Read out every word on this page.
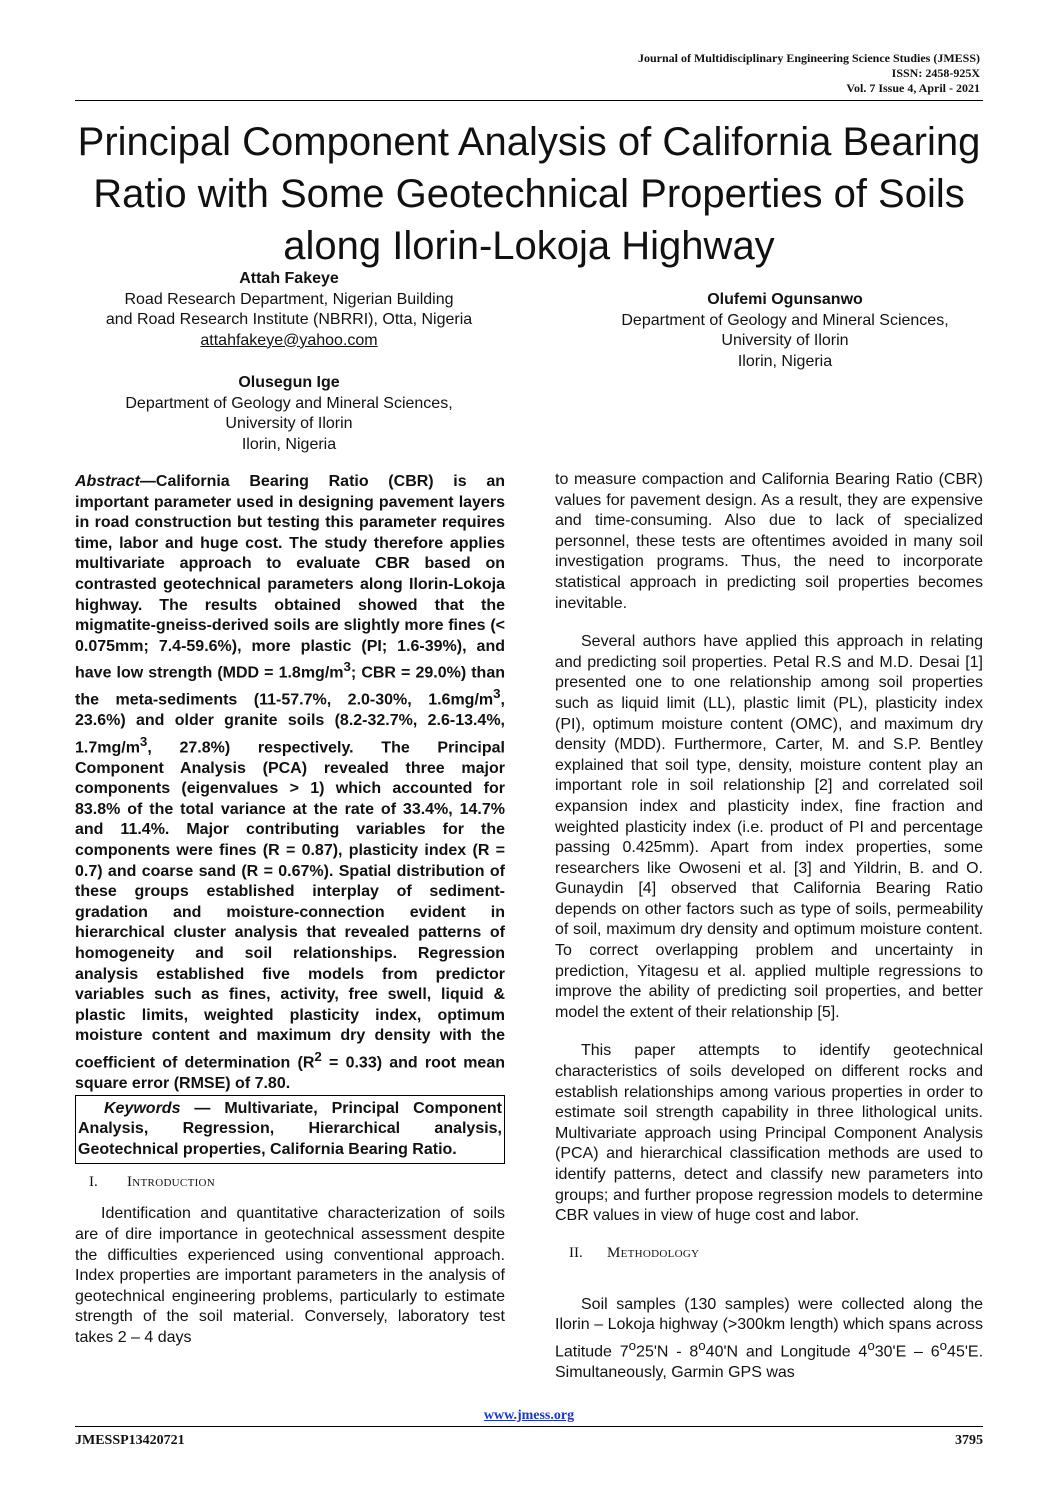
Journal of Multidisciplinary Engineering Science Studies (JMESS)
ISSN: 2458-925X
Vol. 7 Issue 4, April - 2021
Principal Component Analysis of California Bearing Ratio with Some Geotechnical Properties of Soils along Ilorin-Lokoja Highway
Attah Fakeye
Road Research Department, Nigerian Building
and Road Research Institute (NBRRI), Otta, Nigeria
attahfakeye@yahoo.com
Olufemi Ogunsanwo
Department of Geology and Mineral Sciences,
University of Ilorin
Ilorin, Nigeria
Olusegun Ige
Department of Geology and Mineral Sciences,
University of Ilorin
Ilorin, Nigeria

Abstract—California Bearing Ratio (CBR) is an important parameter used in designing pavement layers in road construction but testing this parameter requires time, labor and huge cost. The study therefore applies multivariate approach to evaluate CBR based on contrasted geotechnical parameters along Ilorin-Lokoja highway. The results obtained showed that the migmatite-gneiss-derived soils are slightly more fines (< 0.075mm; 7.4-59.6%), more plastic (PI; 1.6-39%), and have low strength ($MDD = 1.8mg/m^3$; CBR = 29.0%) than the meta-sediments (11-57.7%, 2.0-30%, $1.6mg/m^3$, 23.6%) and older granite soils (8.2-32.7%, 2.6-13.4%, $1.7mg/m^3$, 27.8%) respectively. The Principal Component Analysis (PCA) revealed three major components (eigenvalues > 1) which accounted for 83.8% of the total variance at the rate of 33.4%, 14.7% and 11.4%. Major contributing variables for the components were fines (R = 0.87), plasticity index (R = 0.7) and coarse sand (R = 0.67%). Spatial distribution of these groups established interplay of sediment-gradation and moisture-connection evident in hierarchical cluster analysis that revealed patterns of homogeneity and soil relationships. Regression analysis established five models from predictor variables such as fines, activity, free swell, liquid & plastic limits, weighted plasticity index, optimum moisture content and maximum dry density with the coefficient of determination $(R^2 = 0.33)$ and root mean square error (RMSE) of 7.80.

Keywords — Multivariate, Principal Component Analysis, Regression, Hierarchical analysis, Geotechnical properties, California Bearing Ratio.

I.	Introduction

Identification and quantitative characterization of soils are of dire importance in geotechnical assessment despite the difficulties experienced using conventional approach. Index properties are important parameters in the analysis of geotechnical engineering problems, particularly to estimate strength of the soil material. Conversely, laboratory test takes 2 – 4 days

to measure compaction and California Bearing Ratio (CBR) values for pavement design. As a result, they are expensive and time-consuming. Also due to lack of specialized personnel, these tests are oftentimes avoided in many soil investigation programs. Thus, the need to incorporate statistical approach in predicting soil properties becomes inevitable.

Several authors have applied this approach in relating and predicting soil properties. Petal R.S and M.D. Desai [1] presented one to one relationship among soil properties such as liquid limit (LL), plastic limit (PL), plasticity index (PI), optimum moisture content (OMC), and maximum dry density (MDD). Furthermore, Carter, M. and S.P. Bentley explained that soil type, density, moisture content play an important role in soil relationship [2] and correlated soil expansion index and plasticity index, fine fraction and weighted plasticity index (i.e. product of PI and percentage passing 0.425mm). Apart from index properties, some researchers like Owoseni et al. [3] and Yildrin, B. and O. Gunaydin [4] observed that California Bearing Ratio depends on other factors such as type of soils, permeability of soil, maximum dry density and optimum moisture content. To correct overlapping problem and uncertainty in prediction, Yitagesu et al. applied multiple regressions to improve the ability of predicting soil properties, and better model the extent of their relationship [5].

This paper attempts to identify geotechnical characteristics of soils developed on different rocks and establish relationships among various properties in order to estimate soil strength capability in three lithological units. Multivariate approach using Principal Component Analysis (PCA) and hierarchical classification methods are used to identify patterns, detect and classify new parameters into groups; and further propose regression models to determine CBR values in view of huge cost and labor.

II.	Methodology

Soil samples (130 samples) were collected along the Ilorin – Lokoja highway (>300km length) which spans across Latitude 7$^o$25'N - 8$^o$40'N and Longitude 4$^o$30'E – 6$^o$45'E. Simultaneously, Garmin GPS was

www.jmess.org
JMESSP13420721	3795
